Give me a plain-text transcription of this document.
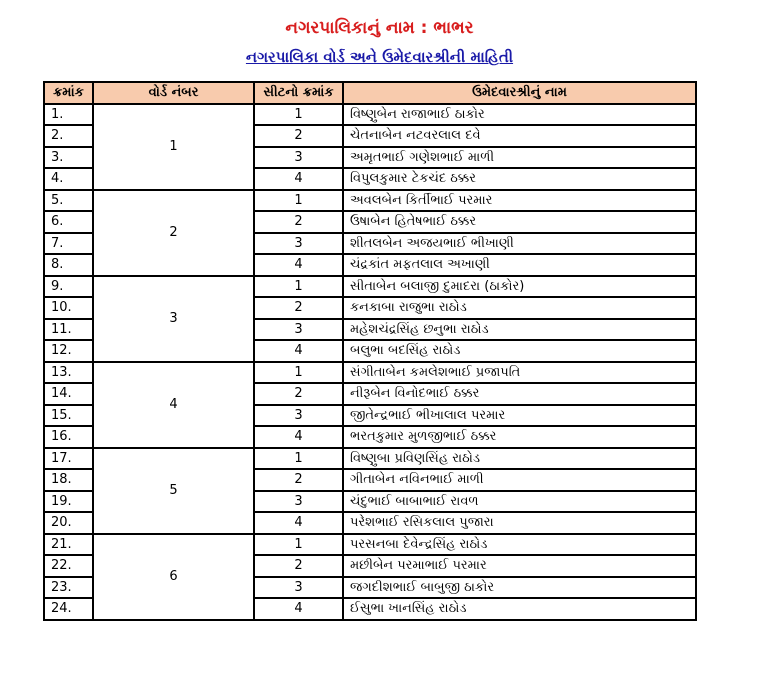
નગરપાલિકાનું નામ : ભાભર
નગરપાલિકા વોર્ડ અને ઉમેદવારશ્રીની માહિતી
ક્રમાંક	વોર્ડ નંબર	સીટનો ક્રમાંક	ઉમેદવારશ્રીનું નામ
1.	1	1	વિષ્ણુબેન રાજાભાઈ ઠાકોર
2.		2	ચેતનાબેન નટવરલાલ દવે
3.		3	અમૃતભાઈ ગણેશભાઈ માળી
4.		4	વિપુલકુમાર ટેકચંદ ઠક્કર
5.	2	1	અવલબેન કિર્તીભાઈ પરમાર
6.		2	ઉષાબેન હિતેષભાઈ ઠક્કર
7.		3	શીતલબેન અજયભાઈ ભીખાણી
8.		4	ચંદ્રકાંત મફતલાલ અખાણી
9.	3	1	સીતાબેન બલાજી દુમાદરા (ઠાકોર)
10.		2	કનકાબા રાજુભા રાઠોડ
11.		3	મહેશચંદ્રસિંહ છનુભા રાઠોડ
12.		4	બલુભા બદસિંહ રાઠોડ
13.	4	1	સંગીતાબેન કમલેશભાઈ પ્રજાપતિ
14.		2	નીરૂબેન વિનોદભાઈ ઠક્કર
15.		3	જીતેન્દ્રભાઈ ભીખાલાલ પરમાર
16.		4	ભરતકુમાર મુળજીભાઈ ઠક્કર
17.	5	1	વિષ્ણુબા પ્રવિણસિંહ રાઠોડ
18.		2	ગીતાબેન નવિનભાઈ માળી
19.		3	ચંદુભાઈ બાબાભાઈ રાવળ
20.		4	પરેશભાઈ રસિકલાલ પુજારા
21.	6	1	પરસનબા દેવેન્દ્રસિંહ રાઠોડ
22.		2	મછીબેન પરમાભાઈ પરમાર
23.		3	જગદીશભાઈ બાબુજી ઠાકોર
24.		4	ઈસુભા ખાનસિંહ રાઠોડ
